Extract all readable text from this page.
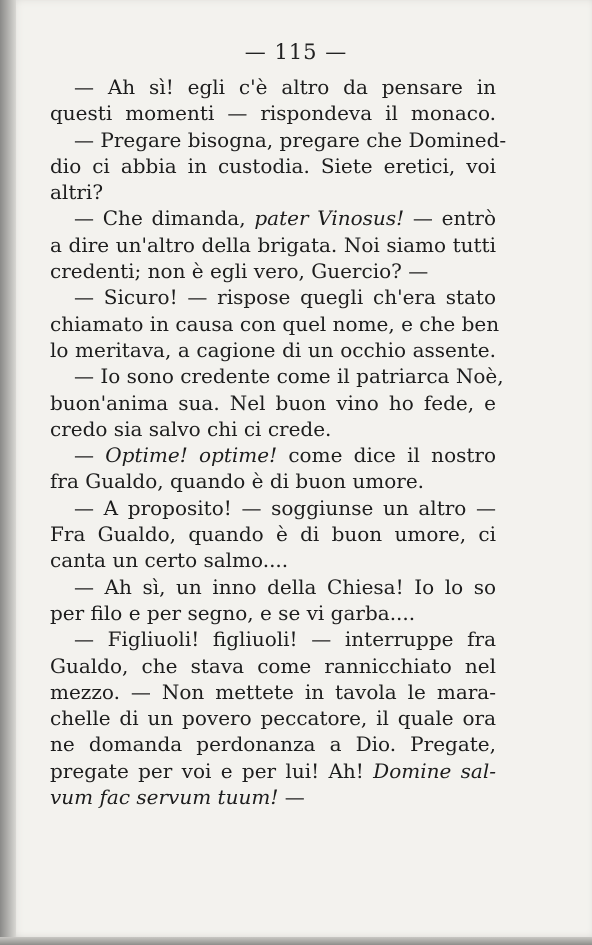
— 115 —
— Ah sì! egli c'è altro da pensare in
questi momenti — rispondeva il monaco.
— Pregare bisogna, pregare che Domined-
dio ci abbia in custodia. Siete eretici, voi
altri?
— Che dimanda, pater Vinosus! — entrò
a dire un'altro della brigata. Noi siamo tutti
credenti; non è egli vero, Guercio? —
— Sicuro! — rispose quegli ch'era stato
chiamato in causa con quel nome, e che ben
lo meritava, a cagione di un occhio assente.
— Io sono credente come il patriarca Noè,
buon'anima sua. Nel buon vino ho fede, e
credo sia salvo chi ci crede.
— Optime! optime! come dice il nostro
fra Gualdo, quando è di buon umore.
— A proposito! — soggiunse un altro —
Fra Gualdo, quando è di buon umore, ci
canta un certo salmo....
— Ah sì, un inno della Chiesa! Io lo so
per filo e per segno, e se vi garba....
— Figliuoli! figliuoli! — interruppe fra
Gualdo, che stava come rannicchiato nel
mezzo. — Non mettete in tavola le mara-
chelle di un povero peccatore, il quale ora
ne domanda perdonanza a Dio. Pregate,
pregate per voi e per lui! Ah! Domine sal-
vum fac servum tuum! —
